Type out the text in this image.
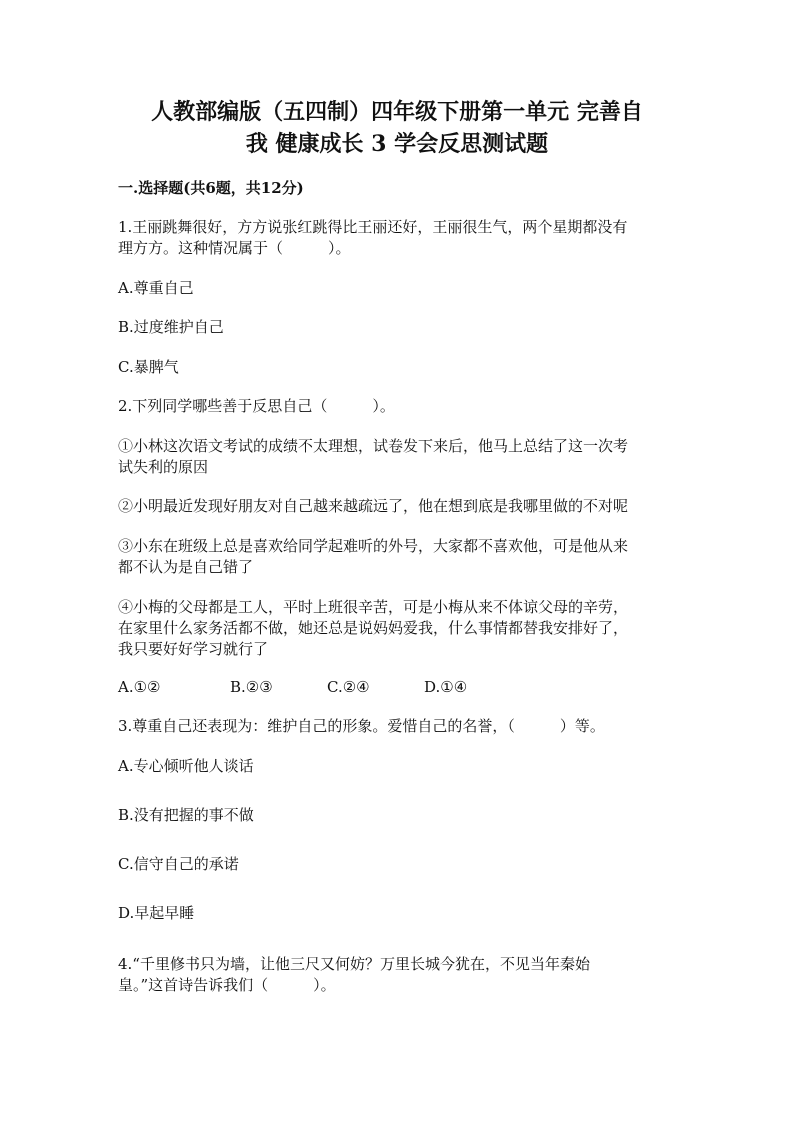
人教部编版（五四制）四年级下册第一单元 完善自
我 健康成长 3 学会反思测试题
一.选择题(共6题，共12分)
1.王丽跳舞很好，方方说张红跳得比王丽还好，王丽很生气，两个星期都没有
理方方。这种情况属于（　　　）。
A.尊重自己
B.过度维护自己
C.暴脾气
2.下列同学哪些善于反思自己（　　　）。
①小林这次语文考试的成绩不太理想，试卷发下来后，他马上总结了这一次考
试失利的原因
②小明最近发现好朋友对自己越来越疏远了，他在想到底是我哪里做的不对呢
③小东在班级上总是喜欢给同学起难听的外号，大家都不喜欢他，可是他从来
都不认为是自己错了
④小梅的父母都是工人，平时上班很辛苦，可是小梅从来不体谅父母的辛劳，
在家里什么家务活都不做，她还总是说妈妈爱我，什么事情都替我安排好了，
我只要好好学习就行了
A.①②	B.②③	C.②④	D.①④
3.尊重自己还表现为：维护自己的形象。爱惜自己的名誉，（　　　）等。
A.专心倾听他人谈话
B.没有把握的事不做
C.信守自己的承诺
D.早起早睡
4.“千里修书只为墙，让他三尺又何妨？万里长城今犹在，不见当年秦始
皇。”这首诗告诉我们（　　　）。
